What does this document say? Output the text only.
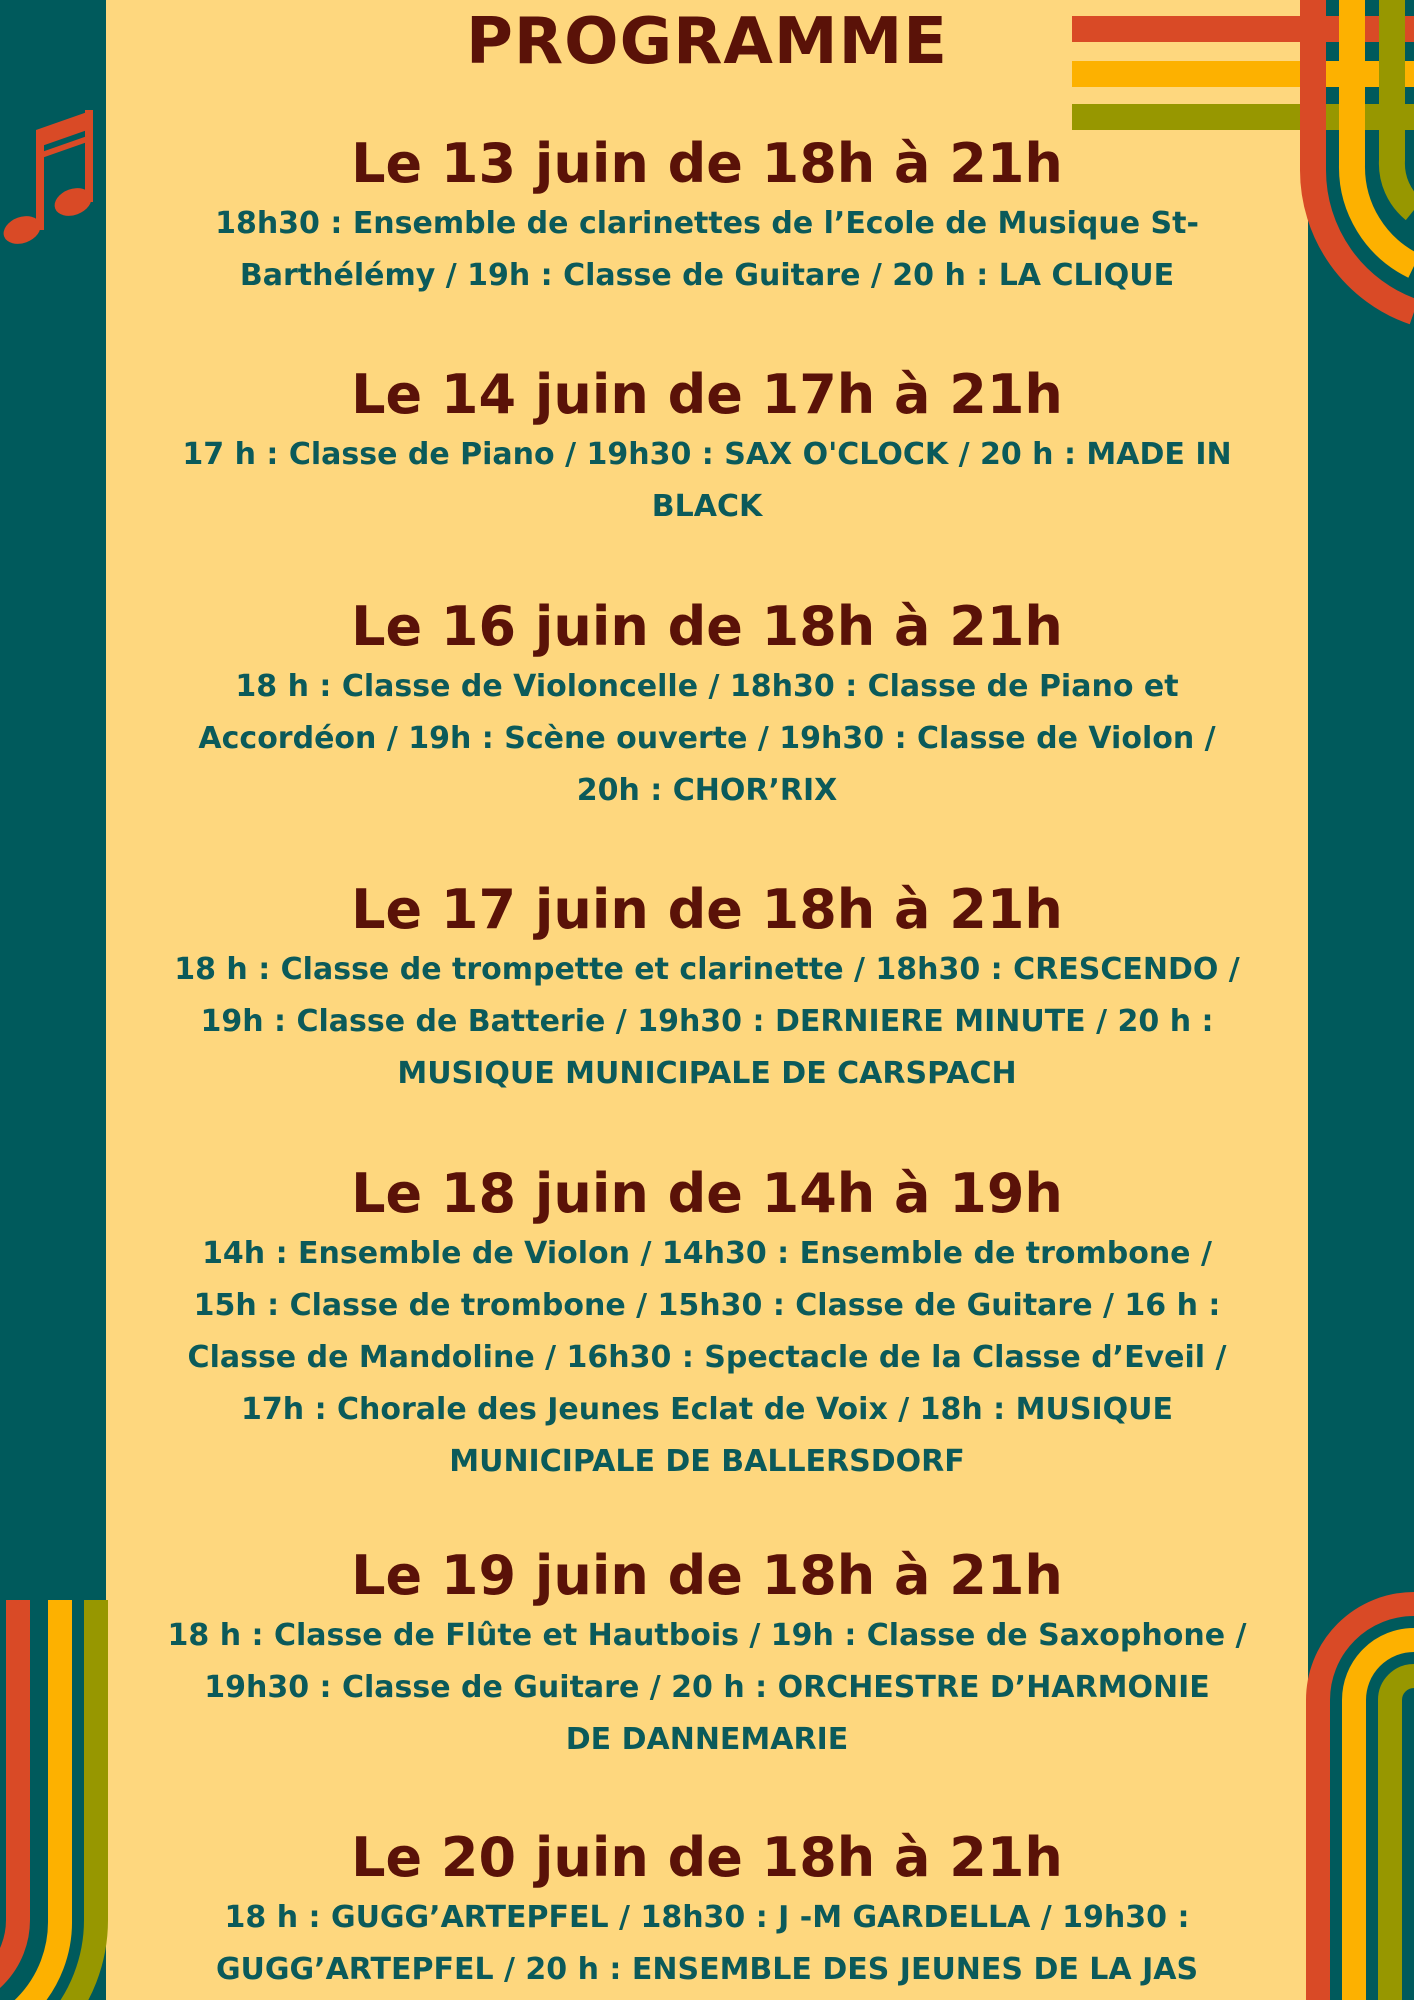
PROGRAMME

Le 13 juin de 18h à 21h

18h30 : Ensemble de clarinettes de l’Ecole de Musique St-
Barthélémy / 19h : Classe de Guitare / 20 h : LA CLIQUE

Le 14 juin de 17h à 21h

17 h : Classe de Piano / 19h30 : SAX O'CLOCK / 20 h : MADE IN
BLACK

Le 16 juin de 18h à 21h

18 h : Classe de Violoncelle / 18h30 : Classe de Piano et
Accordéon / 19h : Scène ouverte / 19h30 : Classe de Violon /
20h : CHOR’RIX

Le 17 juin de 18h à 21h

18 h : Classe de trompette et clarinette / 18h30 : CRESCENDO /
19h : Classe de Batterie / 19h30 : DERNIERE MINUTE / 20 h :
MUSIQUE MUNICIPALE DE CARSPACH

Le 18 juin de 14h à 19h

14h : Ensemble de Violon / 14h30 : Ensemble de trombone /
15h : Classe de trombone / 15h30 : Classe de Guitare / 16 h :
Classe de Mandoline / 16h30 : Spectacle de la Classe d’Eveil /
17h : Chorale des Jeunes Eclat de Voix / 18h : MUSIQUE
MUNICIPALE DE BALLERSDORF

Le 19 juin de 18h à 21h

18 h : Classe de Flûte et Hautbois / 19h : Classe de Saxophone /
19h30 : Classe de Guitare / 20 h : ORCHESTRE D’HARMONIE
DE DANNEMARIE

Le 20 juin de 18h à 21h

18 h : GUGG’ARTEPFEL / 18h30 : J -M GARDELLA / 19h30 :
GUGG’ARTEPFEL / 20 h : ENSEMBLE DES JEUNES DE LA JAS
